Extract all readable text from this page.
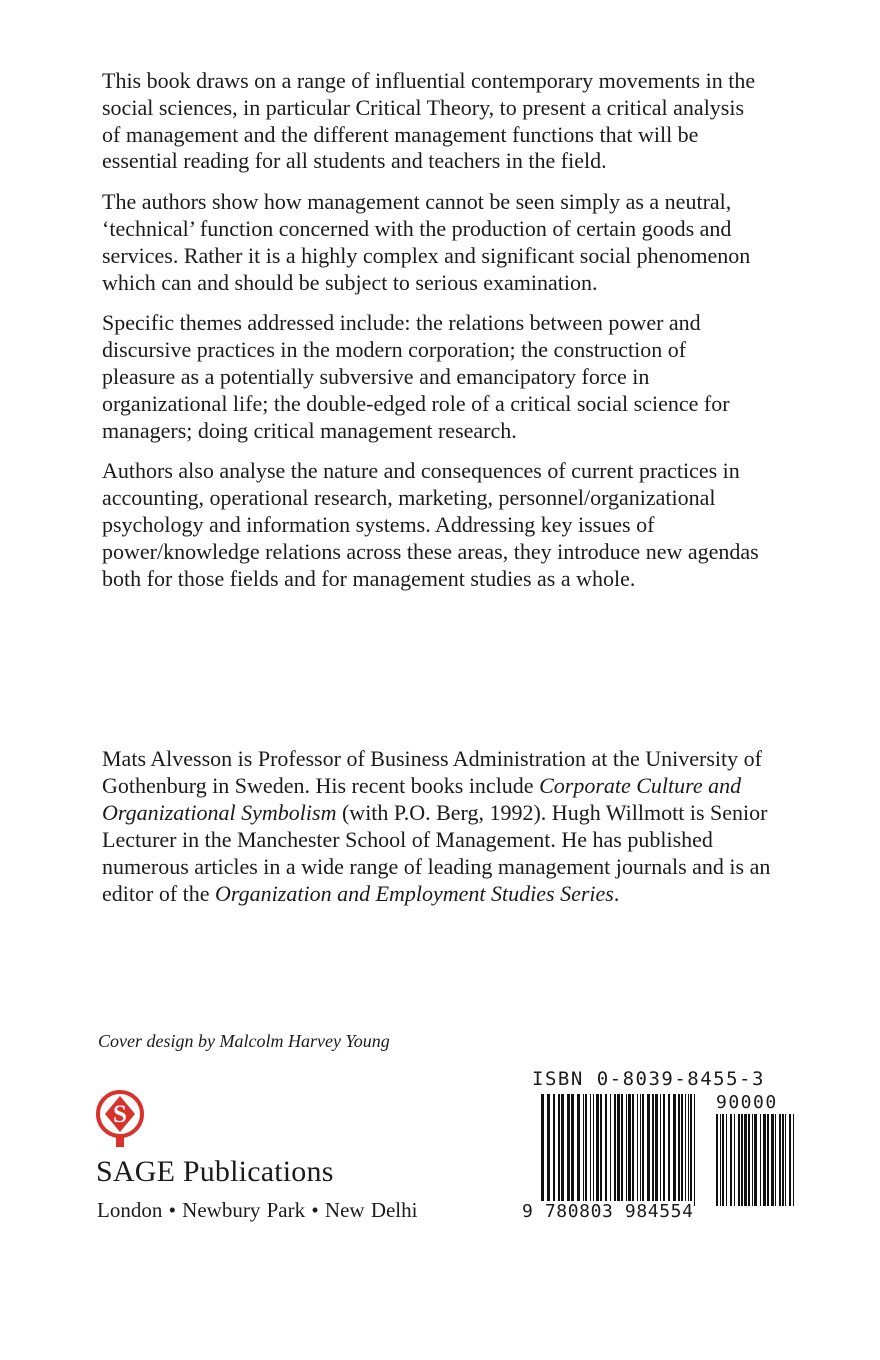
This book draws on a range of influential contemporary movements in the social sciences, in particular Critical Theory, to present a critical analysis of management and the different management functions that will be essential reading for all students and teachers in the field.

The authors show how management cannot be seen simply as a neutral, ‘technical’ function concerned with the production of certain goods and services. Rather it is a highly complex and significant social phenomenon which can and should be subject to serious examination.

Specific themes addressed include: the relations between power and discursive practices in the modern corporation; the construction of pleasure as a potentially subversive and emancipatory force in organizational life; the double-edged role of a critical social science for managers; doing critical management research.

Authors also analyse the nature and consequences of current practices in accounting, operational research, marketing, personnel/organizational psychology and information systems. Addressing key issues of power/knowledge relations across these areas, they introduce new agendas both for those fields and for management studies as a whole.

Mats Alvesson is Professor of Business Administration at the University of Gothenburg in Sweden. His recent books include Corporate Culture and Organizational Symbolism (with P.O. Berg, 1992). Hugh Willmott is Senior Lecturer in the Manchester School of Management. He has published numerous articles in a wide range of leading management journals and is an editor of the Organization and Employment Studies Series.

Cover design by Malcolm Harvey Young
S
SAGE Publications
London • Newbury Park • New Delhi
ISBN 0-8039-8455-3
90000
9 780803 984554
